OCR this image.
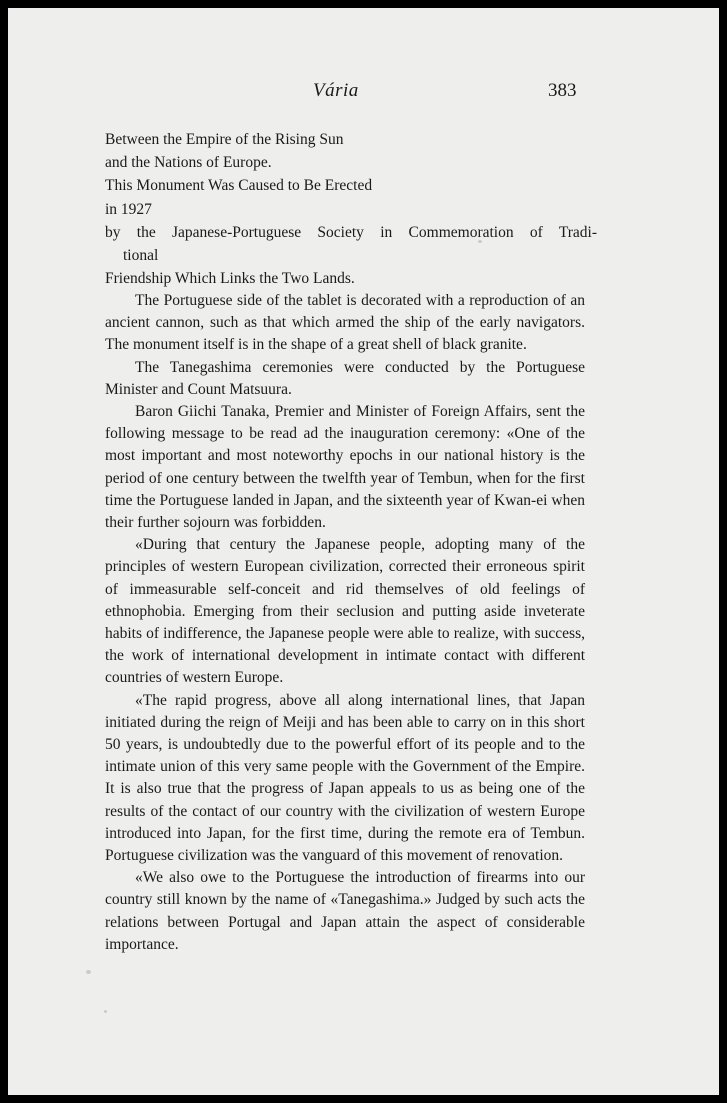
Vária	383
Between the Empire of the Rising Sun
and the Nations of Europe.
This Monument Was Caused to Be Erected
in 1927
by the Japanese-Portuguese Society in Commemoration of Tradi-
tional
Friendship Which Links the Two Lands.

The Portuguese side of the tablet is decorated with a reproduction of an ancient cannon, such as that which armed the ship of the early navigators. The monument itself is in the shape of a great shell of black granite.

The Tanegashima ceremonies were conducted by the Portuguese Minister and Count Matsuura.

Baron Giichi Tanaka, Premier and Minister of Foreign Affairs, sent the following message to be read ad the inauguration ceremony: «One of the most important and most noteworthy epochs in our national history is the period of one century between the twelfth year of Tembun, when for the first time the Portuguese landed in Japan, and the sixteenth year of Kwan-ei when their further sojourn was forbidden.

«During that century the Japanese people, adopting many of the principles of western European civilization, corrected their erroneous spirit of immeasurable self-conceit and rid themselves of old feelings of ethnophobia. Emerging from their seclusion and putting aside inveterate habits of indifference, the Japanese people were able to realize, with success, the work of international development in intimate contact with different countries of western Europe.

«The rapid progress, above all along international lines, that Japan initiated during the reign of Meiji and has been able to carry on in this short 50 years, is undoubtedly due to the powerful effort of its people and to the intimate union of this very same people with the Government of the Empire. It is also true that the progress of Japan appeals to us as being one of the results of the contact of our country with the civilization of western Europe introduced into Japan, for the first time, during the remote era of Tembun. Portuguese civilization was the vanguard of this movement of renovation.

«We also owe to the Portuguese the introduction of firearms into our country still known by the name of «Tanegashima.» Judged by such acts the relations between Portugal and Japan attain the aspect of considerable importance.
